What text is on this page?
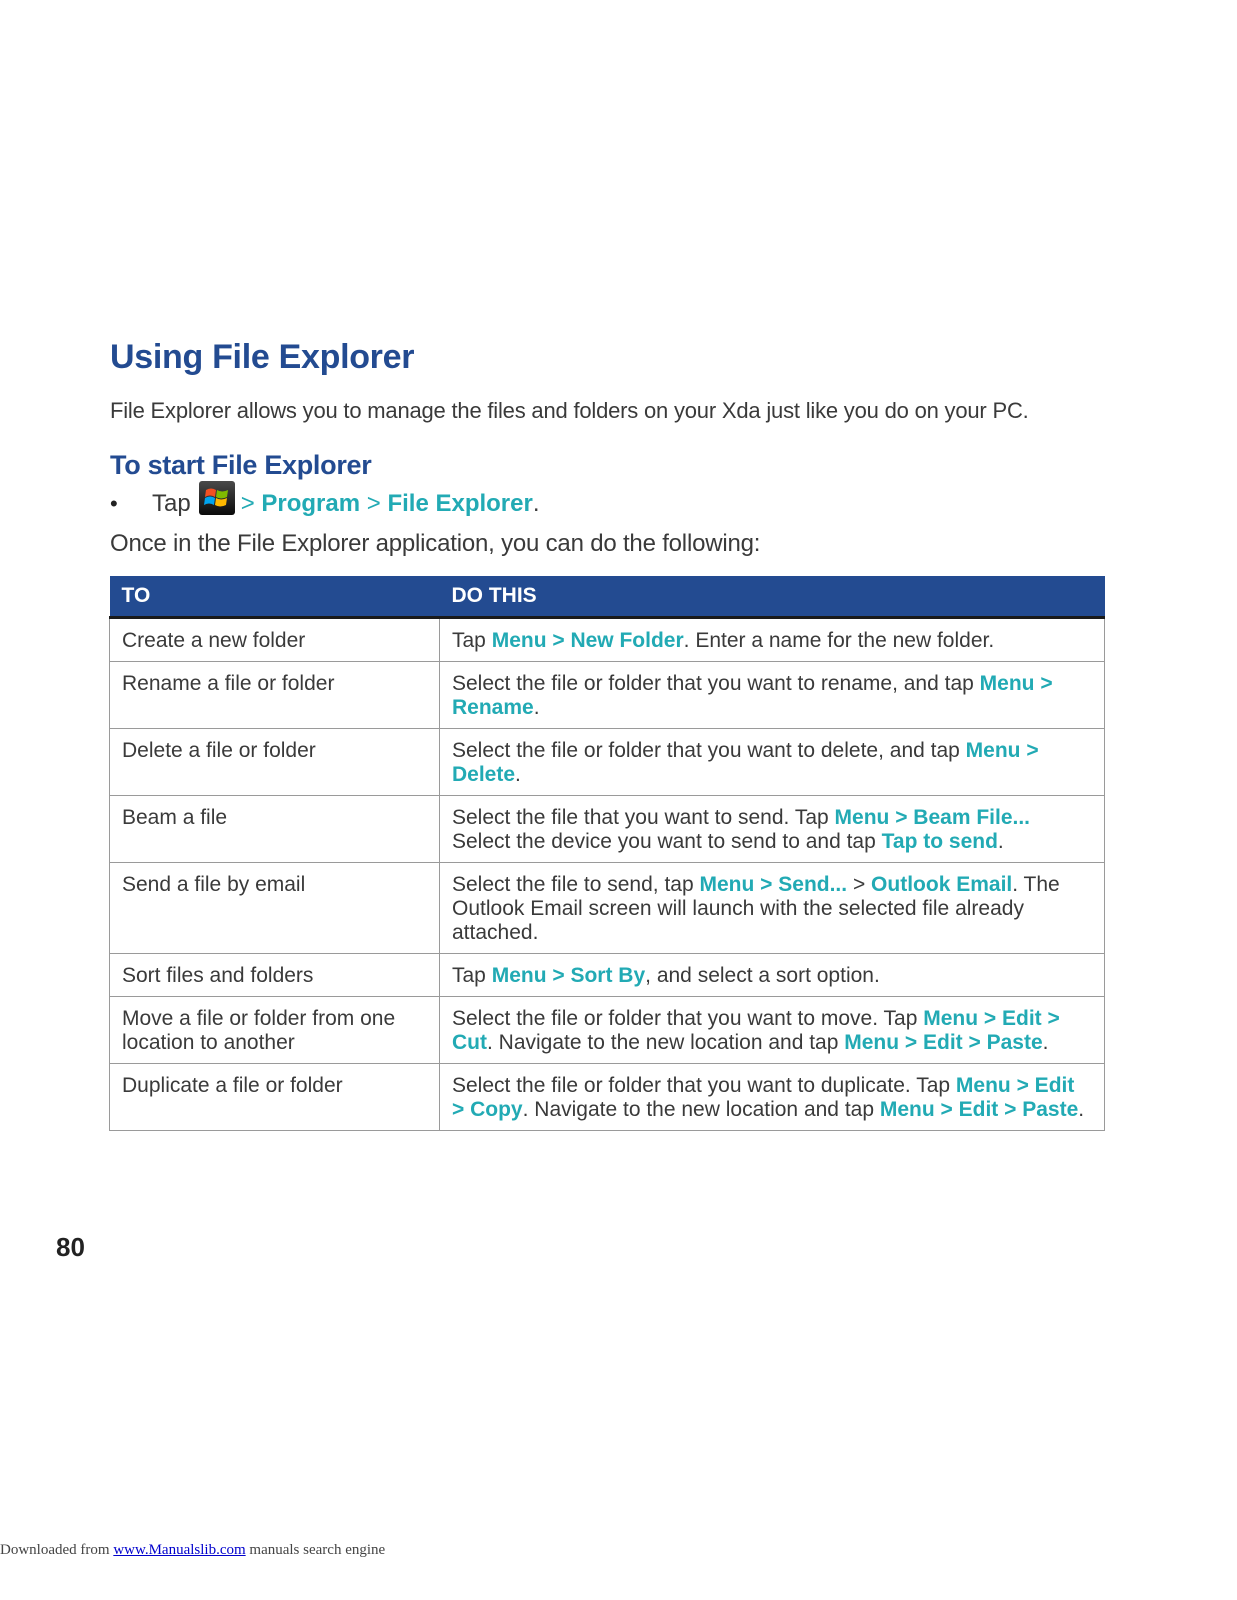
Using File Explorer

File Explorer allows you to manage the files and folders on your Xda just like you do on your PC.

To start File Explorer
•	Tap >
Program
>
File Explorer .

Once in the File Explorer application, you can do the following:

TO	DO THIS
Create a new folder	Tap Menu > New Folder. Enter a name for the new folder.
Rename a file or folder	Select the file or folder that you want to rename, and tap Menu > Rename.
Delete a file or folder	Select the file or folder that you want to delete, and tap Menu > Delete.
Beam a file	Select the file that you want to send. Tap Menu > Beam File... Select the device you want to send to and tap Tap to send.
Send a file by email	Select the file to send, tap Menu > Send... > Outlook Email. The Outlook Email screen will launch with the selected file already attached.
Sort files and folders	Tap Menu > Sort By, and select a sort option.
Move a file or folder from one location to another	Select the file or folder that you want to move. Tap Menu > Edit > Cut. Navigate to the new location and tap Menu > Edit > Paste.
Duplicate a file or folder	Select the file or folder that you want to duplicate. Tap Menu > Edit > Copy. Navigate to the new location and tap Menu > Edit > Paste.
80
Downloaded from www.Manualslib.com manuals search engine
